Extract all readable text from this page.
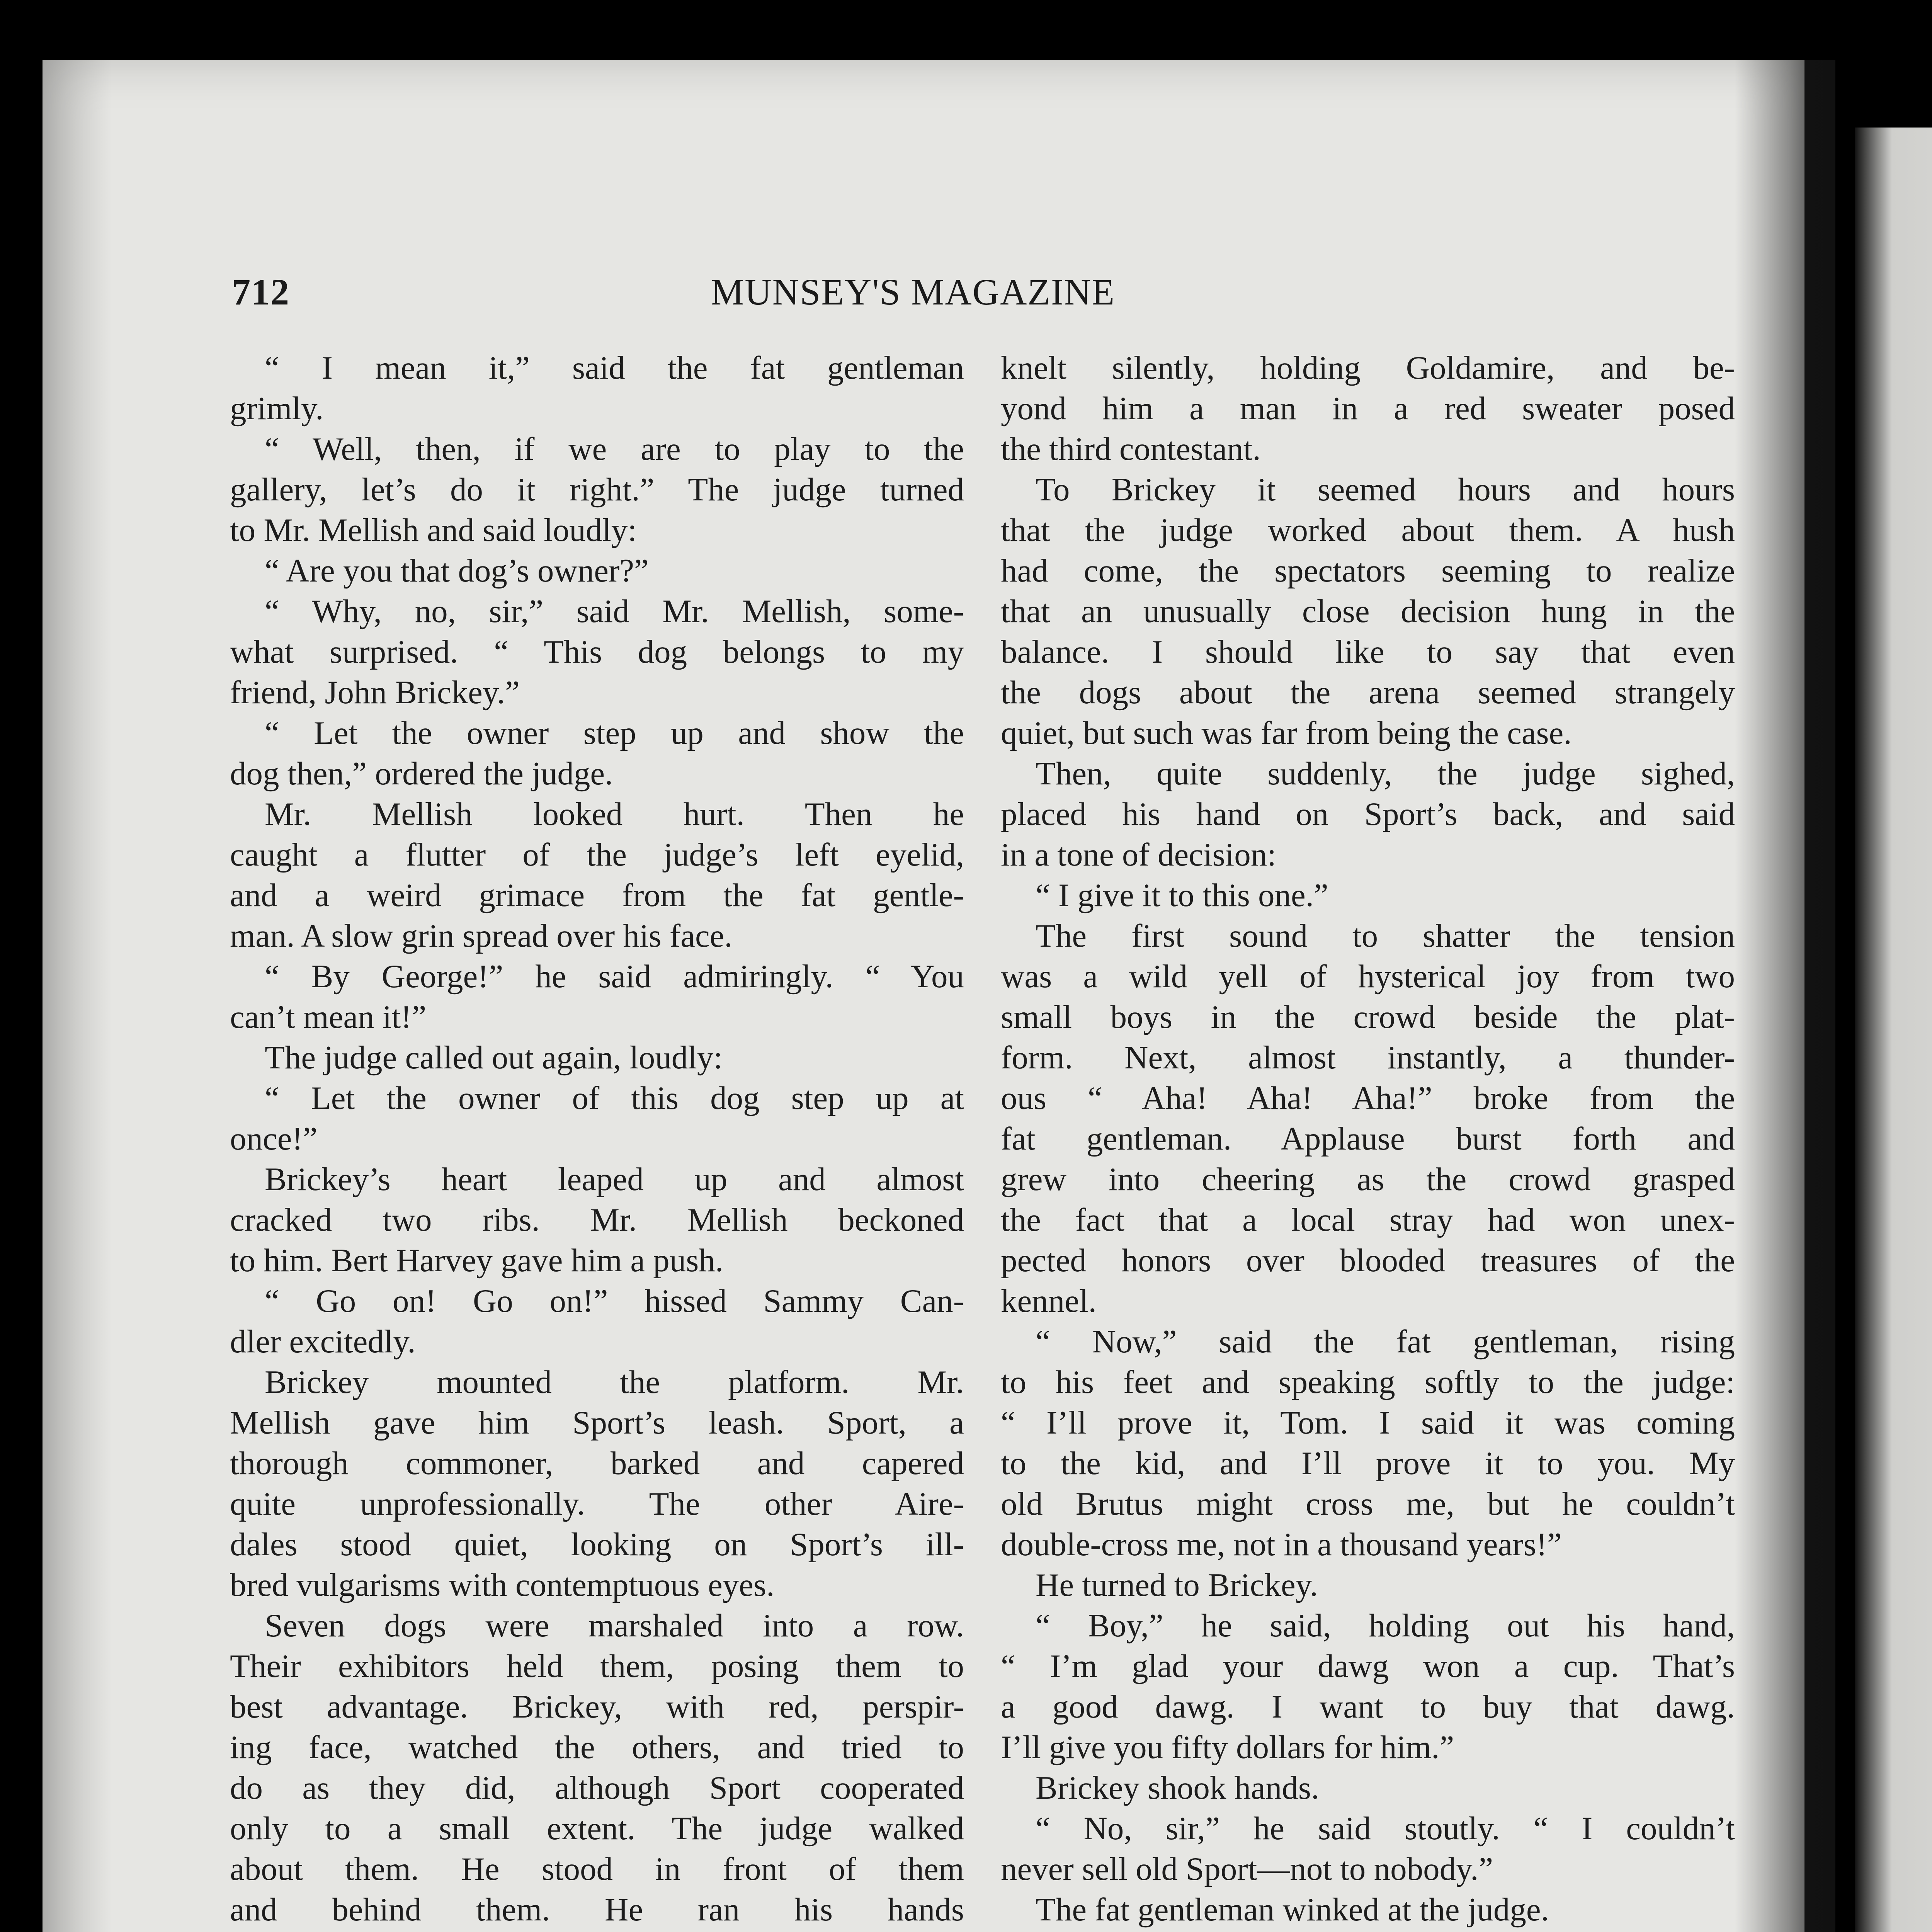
712	MUNSEY'S MAGAZINE
“ I mean it,” said the fat gentleman
grimly.
“ Well, then, if we are to play to the
gallery, let’s do it right.” The judge turned
to Mr. Mellish and said loudly:
“ Are you that dog’s owner?”
“ Why, no, sir,” said Mr. Mellish, some-
what surprised. “ This dog belongs to my
friend, John Brickey.”
“ Let the owner step up and show the
dog then,” ordered the judge.
Mr. Mellish looked hurt. Then he
caught a flutter of the judge’s left eyelid,
and a weird grimace from the fat gentle-
man. A slow grin spread over his face.
“ By George!” he said admiringly. “ You
can’t mean it!”
The judge called out again, loudly:
“ Let the owner of this dog step up at
once!”
Brickey’s heart leaped up and almost
cracked two ribs. Mr. Mellish beckoned
to him. Bert Harvey gave him a push.
“ Go on! Go on!” hissed Sammy Can-
dler excitedly.
Brickey mounted the platform. Mr.
Mellish gave him Sport’s leash. Sport, a
thorough commoner, barked and capered
quite unprofessionally. The other Aire-
dales stood quiet, looking on Sport’s ill-
bred vulgarisms with contemptuous eyes.
Seven dogs were marshaled into a row.
Their exhibitors held them, posing them to
best advantage. Brickey, with red, perspir-
ing face, watched the others, and tried to
do as they did, although Sport cooperated
only to a small extent. The judge walked
about them. He stood in front of them
and behind them. He ran his hands
knelt silently, holding Goldamire, and be-
yond him a man in a red sweater posed
the third contestant.
To Brickey it seemed hours and hours
that the judge worked about them. A hush
had come, the spectators seeming to realize
that an unusually close decision hung in the
balance. I should like to say that even
the dogs about the arena seemed strangely
quiet, but such was far from being the case.
Then, quite suddenly, the judge sighed,
placed his hand on Sport’s back, and said
in a tone of decision:
“ I give it to this one.”
The first sound to shatter the tension
was a wild yell of hysterical joy from two
small boys in the crowd beside the plat-
form. Next, almost instantly, a thunder-
ous “ Aha! Aha! Aha!” broke from the
fat gentleman. Applause burst forth and
grew into cheering as the crowd grasped
the fact that a local stray had won unex-
pected honors over blooded treasures of the
kennel.
“ Now,” said the fat gentleman, rising
to his feet and speaking softly to the judge:
“ I’ll prove it, Tom. I said it was coming
to the kid, and I’ll prove it to you. My
old Brutus might cross me, but he couldn’t
double-cross me, not in a thousand years!”
He turned to Brickey.
“ Boy,” he said, holding out his hand,
“ I’m glad your dawg won a cup. That’s
a good dawg. I want to buy that dawg.
I’ll give you fifty dollars for him.”
Brickey shook hands.
“ No, sir,” he said stoutly. “ I couldn’t
never sell old Sport—not to nobody.”
The fat gentleman winked at the judge.
